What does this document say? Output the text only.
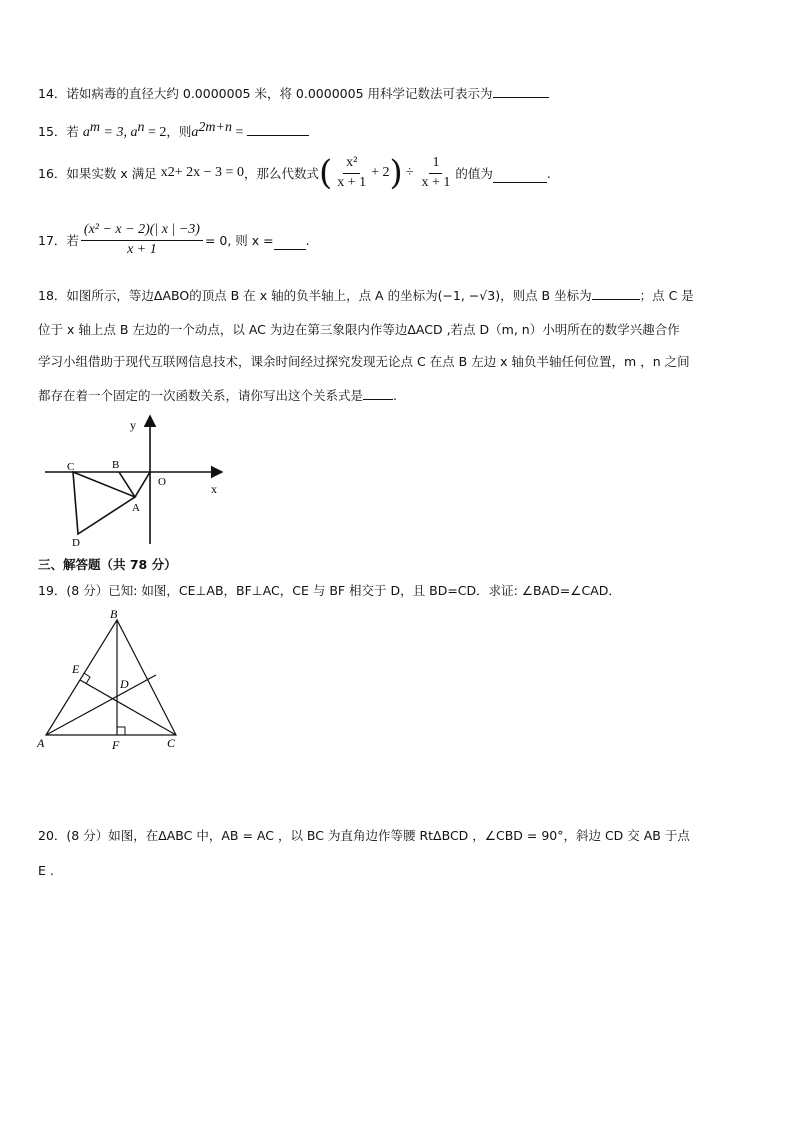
14．诺如病毒的直径大约 0.0000005 米，将 0.0000005 用科学记数法可表示为
15．若 $a^m = 3$, $a^n = 2$，则$a^{2m+n}$ =
16．如果实数 x 满足 x 2 + 2x − 3 = 0 ，那么代数式 ( $\frac{\text{x²}}{x + 1} + 2$ ) ÷ $\frac{1}{x + 1}$ 的值为	.
17．若 $\frac{\text{(x² − x − 2)(| x | −3)}}{x + 1} = 0$, 则 x =	.
18．如图所示，等边ΔABO的顶点 B 在 x 轴的负半轴上，点 A 的坐标为(−1, −√3)，则点 B 坐标为	；点 C 是
位于 x 轴上点 B 左边的一个动点，以 AC 为边在第三象限内作等边ΔACD ,若点 D（m, n）小明所在的数学兴趣合作
学习小组借助于现代互联网信息技术，课余时间经过探究发现无论点 C 在点 B 左边 x 轴负半轴任何位置，m ，n 之间
都存在着一个固定的一次函数关系，请你写出这个关系式是 .
y
x
C	B
O
A
D
三、解答题（共 78 分）
19．(8 分）已知: 如图，CE⊥AB，BF⊥AC，CE 与 BF 相交于 D，且 BD=CD．求证: ∠BAD=∠CAD．
B
E
D
A	F	C
20．(8 分）如图，在ΔABC 中，AB = AC ，以 BC 为直角边作等腰 RtΔBCD ，∠CBD = 90°，斜边 CD 交 AB 于点
E .
